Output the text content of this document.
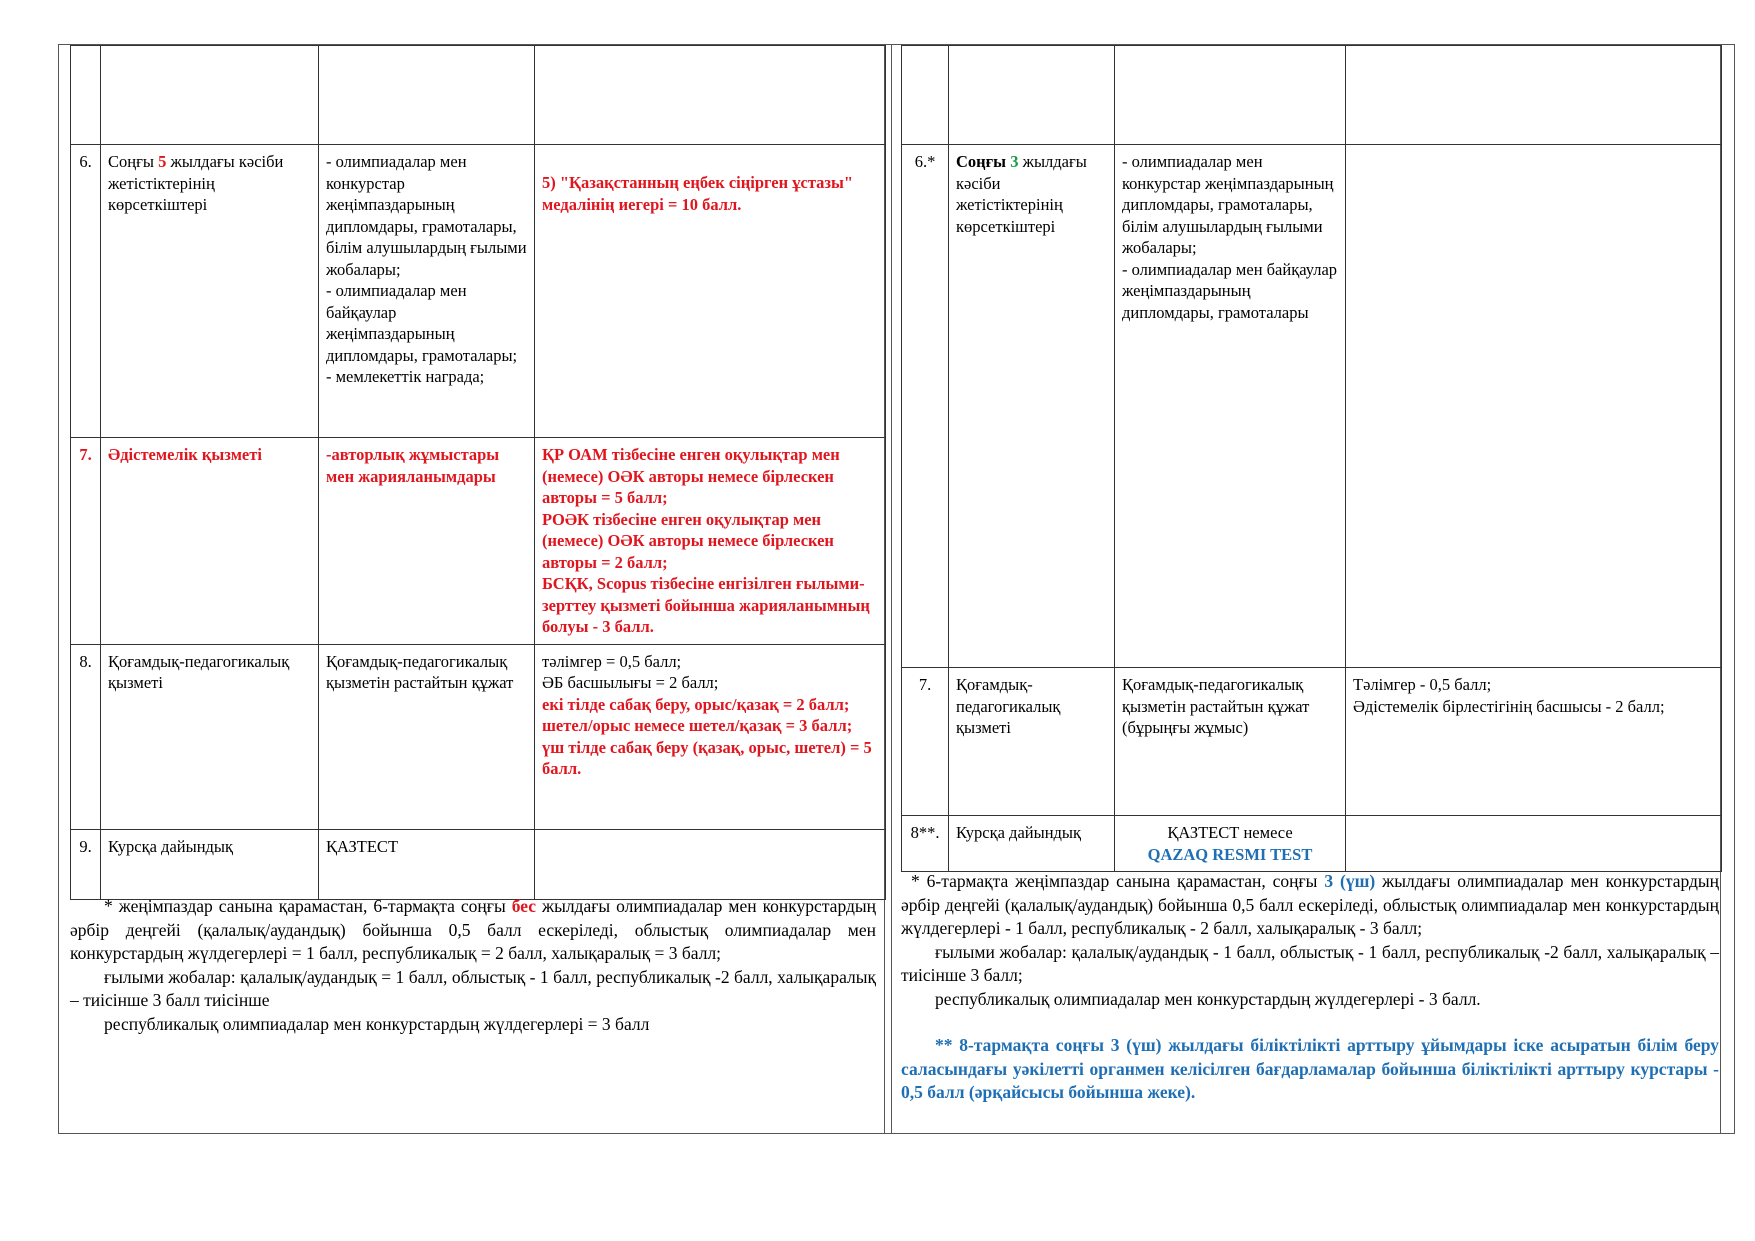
6.	Соңғы 5 жылдағы кәсіби жетістіктерінің көрсеткіштері	- олимпиадалар мен конкурстар жеңімпаздарының дипломдары, грамоталары, білім алушылардың ғылыми жобалары;
- олимпиадалар мен байқаулар жеңімпаздарының дипломдары, грамоталары;
- мемлекеттік награда;	5) "Қазақстанның еңбек сіңірген ұстазы" медалінің иегері = 10 балл.

7.	Әдістемелік қызметі	-авторлық жұмыстары мен жарияланымдары	ҚР ОАМ тізбесіне енген оқулықтар мен (немесе) ОӘК авторы немесе бірлескен авторы = 5 балл;
РОӘК тізбесіне енген оқулықтар мен (немесе) ОӘК авторы немесе бірлескен авторы = 2 балл;
БСҚК, Scopus тізбесіне енгізілген ғылыми-зерттеу қызметі бойынша жарияланымның болуы - 3 балл.

8.	Қоғамдық-педагогикалық қызметі	Қоғамдық-педагогикалық қызметін растайтын құжат	тәлімгер = 0,5 балл;
ӘБ басшылығы = 2 балл;
екі тілде сабақ беру, орыс/қазақ = 2 балл;
шетел/орыс немесе шетел/қазақ = 3 балл;
үш тілде сабақ беру (қазақ, орыс, шетел) = 5 балл.

9.	Курсқа дайындық	ҚАЗТЕСТ	

* жеңімпаздар санына қарамастан, 6-тармақта соңғы бес жылдағы олимпиадалар мен конкурстардың әрбір деңгейі (қалалық/аудандық) бойынша 0,5 балл ескеріледі, облыстық олимпиадалар мен конкурстардың жүлдегерлері = 1 балл, республикалық = 2 балл, халықаралық = 3 балл;

ғылыми жобалар: қалалық/аудандық = 1 балл, облыстық - 1 балл, республикалық -2 балл, халықаралық – тиісінше 3 балл тиісінше

республикалық олимпиадалар мен конкурстардың жүлдегерлері = 3 балл

6.*	Соңғы 3 жылдағы кәсіби жетістіктерінің көрсеткіштері	- олимпиадалар мен конкурстар жеңімпаздарының дипломдары, грамоталары, білім алушылардың ғылыми жобалары;
- олимпиадалар мен байқаулар жеңімпаздарының дипломдары, грамоталары	

7.	Қоғамдық-педагогикалық қызметі	Қоғамдық-педагогикалық қызметін растайтын құжат (бұрыңғы жұмыс)	Тәлімгер - 0,5 балл;
Әдістемелік бірлестігінің басшысы - 2 балл;

8**.	Курсқа дайындық	ҚАЗТЕСТ немесе
QAZAQ RESMI TEST	

* 6-тармақта жеңімпаздар санына қарамастан, соңғы 3 (үш) жылдағы олимпиадалар мен конкурстардың әрбір деңгейі (қалалық/аудандық) бойынша 0,5 балл ескеріледі, облыстық олимпиадалар мен конкурстардың жүлдегерлері - 1 балл, республикалық - 2 балл, халықаралық - 3 балл;

ғылыми жобалар: қалалық/аудандық - 1 балл, облыстық - 1 балл, республикалық -2 балл, халықаралық – тиісінше 3 балл;

республикалық олимпиадалар мен конкурстардың жүлдегерлері - 3 балл.

** 8-тармақта соңғы 3 (үш) жылдағы біліктілікті арттыру ұйымдары іске асыратын білім беру саласындағы уәкілетті органмен келісілген бағдарламалар бойынша біліктілікті арттыру курстары - 0,5 балл (әрқайсысы бойынша жеке).
